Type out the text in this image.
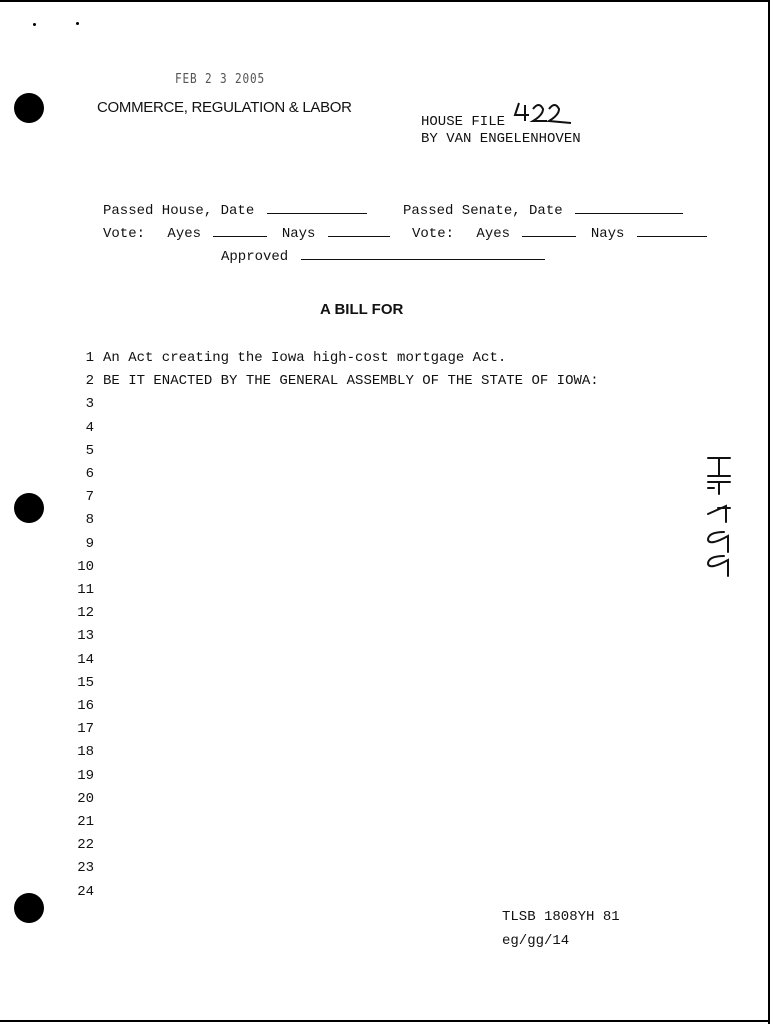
FEB 2 3 2005
COMMERCE, REGULATION & LABOR
HOUSE FILE
BY VAN ENGELENHOVEN
Passed House, Date	Passed Senate, Date
Vote: Ayes	Nays	Vote: Ayes	Nays
Approved
A BILL FOR
1 An Act creating the Iowa high-cost mortgage Act.
2 BE IT ENACTED BY THE GENERAL ASSEMBLY OF THE STATE OF IOWA:
3
4
5
6
7
8
9
10
11
12
13
14
15
16
17
18
19
20
21
22
23
24
TLSB 1808YH 81
eg/gg/14
